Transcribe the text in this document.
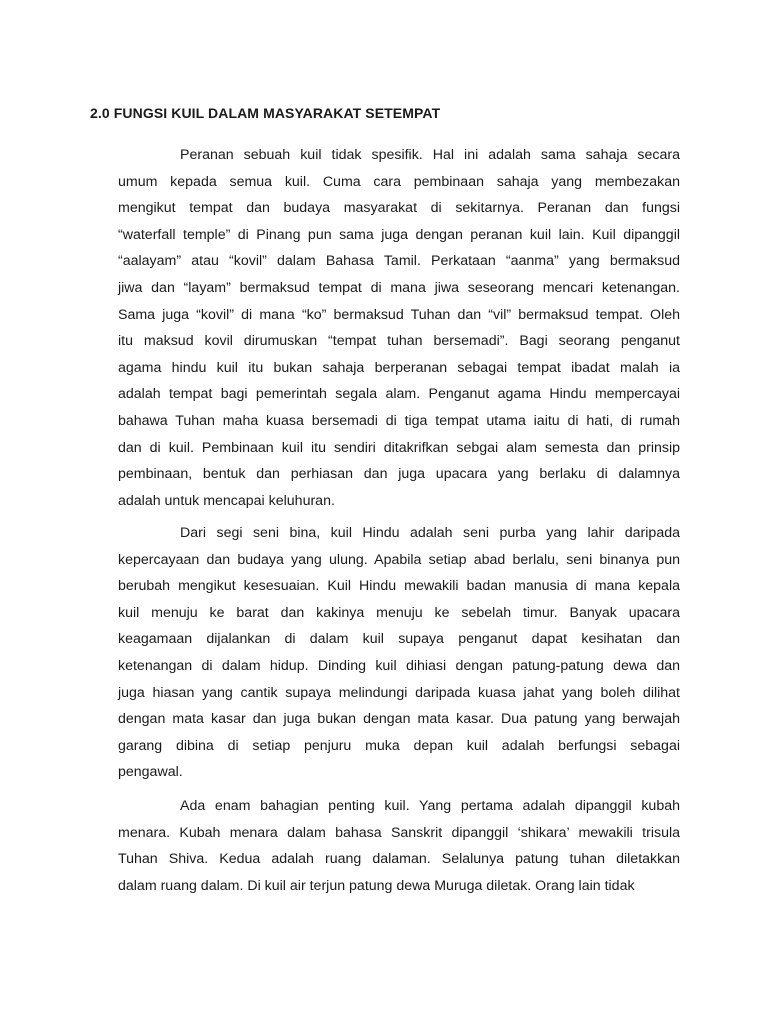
2.0 FUNGSI KUIL DALAM MASYARAKAT SETEMPAT
Peranan sebuah kuil tidak spesifik. Hal ini adalah sama sahaja secara
umum kepada semua kuil. Cuma cara pembinaan sahaja yang membezakan
mengikut tempat dan budaya masyarakat di sekitarnya. Peranan dan fungsi
“waterfall temple” di Pinang pun sama juga dengan peranan kuil lain. Kuil dipanggil
“aalayam” atau “kovil” dalam Bahasa Tamil. Perkataan “aanma” yang bermaksud
jiwa dan “layam” bermaksud tempat di mana jiwa seseorang mencari ketenangan.
Sama juga “kovil” di mana “ko” bermaksud Tuhan dan “vil” bermaksud tempat. Oleh
itu maksud kovil dirumuskan “tempat tuhan bersemadi”. Bagi seorang penganut
agama hindu kuil itu bukan sahaja berperanan sebagai tempat ibadat malah ia
adalah tempat bagi pemerintah segala alam. Penganut agama Hindu mempercayai
bahawa Tuhan maha kuasa bersemadi di tiga tempat utama iaitu di hati, di rumah
dan di kuil. Pembinaan kuil itu sendiri ditakrifkan sebgai alam semesta dan prinsip
pembinaan, bentuk dan perhiasan dan juga upacara yang berlaku di dalamnya
adalah untuk mencapai keluhuran.
Dari segi seni bina, kuil Hindu adalah seni purba yang lahir daripada
kepercayaan dan budaya yang ulung. Apabila setiap abad berlalu, seni binanya pun
berubah mengikut kesesuaian. Kuil Hindu mewakili badan manusia di mana kepala
kuil menuju ke barat dan kakinya menuju ke sebelah timur. Banyak upacara
keagamaan dijalankan di dalam kuil supaya penganut dapat kesihatan dan
ketenangan di dalam hidup. Dinding kuil dihiasi dengan patung-patung dewa dan
juga hiasan yang cantik supaya melindungi daripada kuasa jahat yang boleh dilihat
dengan mata kasar dan juga bukan dengan mata kasar. Dua patung yang berwajah
garang dibina di setiap penjuru muka depan kuil adalah berfungsi sebagai
pengawal.
Ada enam bahagian penting kuil. Yang pertama adalah dipanggil kubah
menara. Kubah menara dalam bahasa Sanskrit dipanggil ‘shikara’ mewakili trisula
Tuhan Shiva. Kedua adalah ruang dalaman. Selalunya patung tuhan diletakkan
dalam ruang dalam. Di kuil air terjun patung dewa Muruga diletak. Orang lain tidak
